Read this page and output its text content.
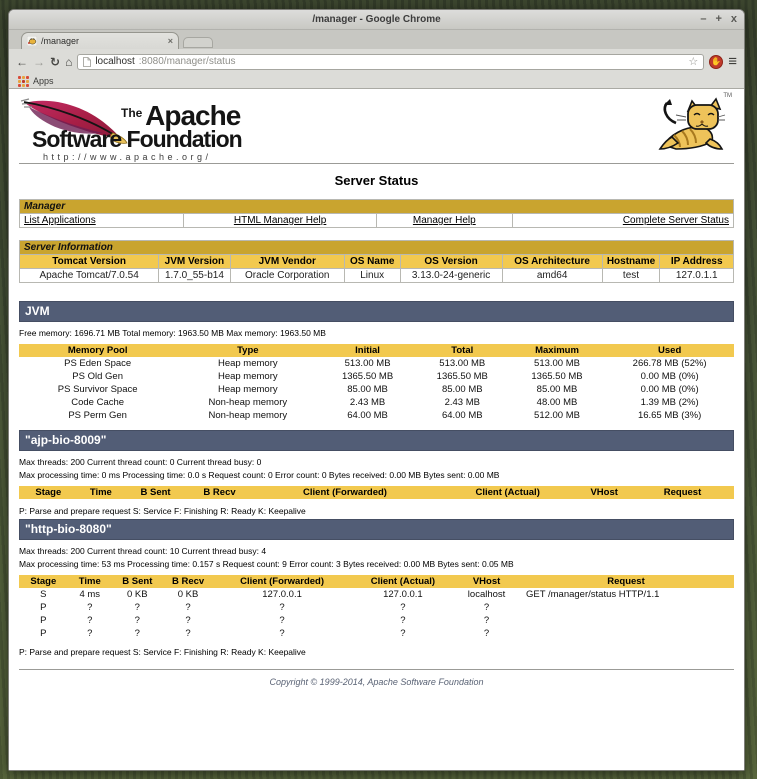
/manager - Google Chrome	– + x
/manager	×
← → ↻ ⌂ localhost :8080/manager/status	☆ ✋ ≡
Apps
The Apache
Software Foundation
http://www.apache.org/
TM
Server Status
Manager
List Applications	HTML Manager Help	Manager Help	Complete Server Status
Server Information							
Tomcat Version	JVM Version	JVM Vendor	OS Name	OS Version	OS Architecture	Hostname	IP Address
Apache Tomcat/7.0.54	1.7.0_55-b14	Oracle Corporation	Linux	3.13.0-24-generic	amd64	test	127.0.1.1
JVM
Free memory: 1696.71 MB Total memory: 1963.50 MB Max memory: 1963.50 MB
Memory Pool	Type	Initial	Total	Maximum	Used
PS Eden Space	Heap memory	513.00 MB	513.00 MB	513.00 MB	266.78 MB (52%)
PS Old Gen	Heap memory	1365.50 MB	1365.50 MB	1365.50 MB	0.00 MB (0%)
PS Survivor Space	Heap memory	85.00 MB	85.00 MB	85.00 MB	0.00 MB (0%)
Code Cache	Non-heap memory	2.43 MB	2.43 MB	48.00 MB	1.39 MB (2%)
PS Perm Gen	Non-heap memory	64.00 MB	64.00 MB	512.00 MB	16.65 MB (3%)
"ajp-bio-8009"
Max threads: 200 Current thread count: 0 Current thread busy: 0
Max processing time: 0 ms Processing time: 0.0 s Request count: 0 Error count: 0 Bytes received: 0.00 MB Bytes sent: 0.00 MB
Stage	Time	B Sent	B Recv	Client (Forwarded)	Client (Actual)	VHost	Request
P: Parse and prepare request S: Service F: Finishing R: Ready K: Keepalive
"http-bio-8080"
Max threads: 200 Current thread count: 10 Current thread busy: 4
Max processing time: 53 ms Processing time: 0.157 s Request count: 9 Error count: 3 Bytes received: 0.00 MB Bytes sent: 0.05 MB
Stage	Time	B Sent	B Recv	Client (Forwarded)	Client (Actual)	VHost	Request
S	4 ms	0 KB	0 KB	127.0.0.1	127.0.0.1	localhost	GET /manager/status HTTP/1.1
P	?	?	?	?	?	?	
P	?	?	?	?	?	?	
P	?	?	?	?	?	?	
P: Parse and prepare request S: Service F: Finishing R: Ready K: Keepalive
Copyright © 1999-2014, Apache Software Foundation
